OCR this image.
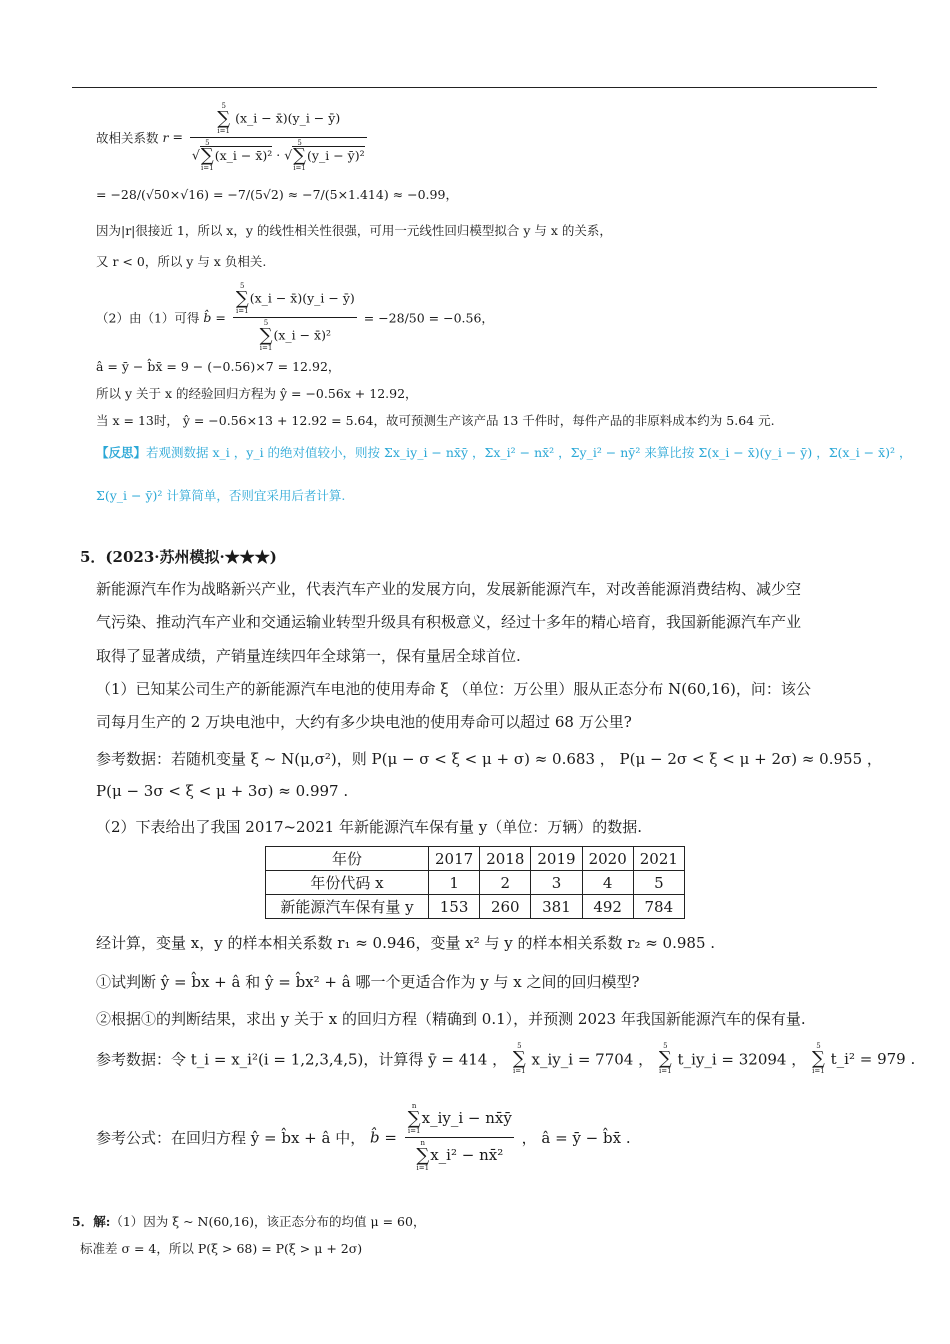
故相关系数 r = 5
∑
i=1
(x_i − x̄)(y_i − ȳ)
√
5
∑
i=1
(x_i − x̄)² · √
5
∑
i=1
(y_i − ȳ)²
= −28/(√50×√16) = −7/(5√2) ≈ −7/(5×1.414) ≈ −0.99，
因为|r|很接近 1，所以 x，y 的线性相关性很强，可用一元线性回归模型拟合 y 与 x 的关系，
又 r < 0，所以 y 与 x 负相关.
（2）由（1）可得 b̂ = 5
∑
i=1
(x_i − x̄)(y_i − ȳ)
5
∑
i=1
(x_i − x̄)² = −28/50 = −0.56，
â = ȳ − b̂x̄ = 9 − (−0.56)×7 = 12.92，
所以 y 关于 x 的经验回归方程为 ŷ = −0.56x + 12.92，
当 x = 13时， ŷ = −0.56×13 + 12.92 = 5.64，故可预测生产该产品 13 千件时，每件产品的非原料成本约为 5.64 元.
【反思】若观测数据 x_i ，y_i 的绝对值较小，则按 Σx_iy_i − nx̄ȳ ，Σx_i² − nx̄² ，Σy_i² − nȳ² 来算比按 Σ(x_i − x̄)(y_i − ȳ) ，Σ(x_i − x̄)² ，
Σ(y_i − ȳ)² 计算简单，否则宜采用后者计算.
5．(2023·苏州模拟·★★★)
新能源汽车作为战略新兴产业，代表汽车产业的发展方向，发展新能源汽车，对改善能源消费结构、减少空
气污染、推动汽车产业和交通运输业转型升级具有积极意义，经过十多年的精心培育，我国新能源汽车产业
取得了显著成绩，产销量连续四年全球第一，保有量居全球首位.
（1）已知某公司生产的新能源汽车电池的使用寿命 ξ （单位：万公里）服从正态分布 N(60,16)，问：该公
司每月生产的 2 万块电池中，大约有多少块电池的使用寿命可以超过 68 万公里?
参考数据：若随机变量 ξ ~ N(μ,σ²)，则 P(μ − σ < ξ < μ + σ) ≈ 0.683 ， P(μ − 2σ < ξ < μ + 2σ) ≈ 0.955 ，
P(μ − 3σ < ξ < μ + 3σ) ≈ 0.997 .
（2）下表给出了我国 2017~2021 年新能源汽车保有量 y（单位：万辆）的数据.
年份	2017	2018	2019	2020	2021
年份代码 x	1	2	3	4	5
新能源汽车保有量 y	153	260	381	492	784
经计算，变量 x，y 的样本相关系数 r₁ ≈ 0.946，变量 x² 与 y 的样本相关系数 r₂ ≈ 0.985 .
①试判断 ŷ = b̂x + â 和 ŷ = b̂x² + â 哪一个更适合作为 y 与 x 之间的回归模型?
②根据①的判断结果，求出 y 关于 x 的回归方程（精确到 0.1），并预测 2023 年我国新能源汽车的保有量.
参考数据：令 t_i = x_i²(i = 1,2,3,4,5)，计算得 ȳ = 414 ，
5
∑
i=1
x_iy_i = 7704 ，
5
∑
i=1
t_iy_i = 32094 ，
5
∑
i=1
t_i² = 979 .
参考公式：在回归方程 ŷ = b̂x + â 中， b̂ = n
∑
i=1
x_iy_i − nx̄ȳ
n
∑
i=1
x_i² − nx̄² ， â = ȳ − b̂x̄ .
5．解:（1）因为 ξ ~ N(60,16)，该正态分布的均值 μ = 60，
标准差 σ = 4，所以 P(ξ > 68) = P(ξ > μ + 2σ)
